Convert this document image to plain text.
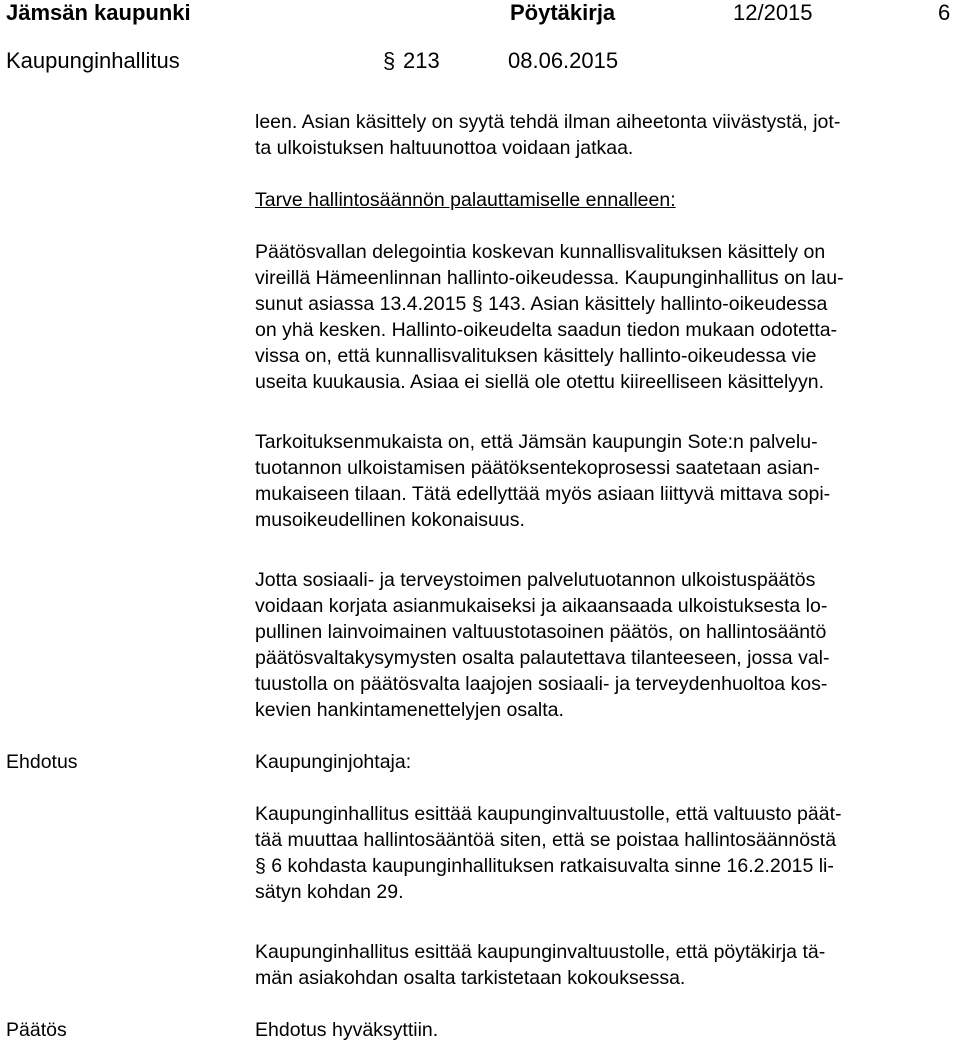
Jämsän kaupunki	Pöytäkirja	12/2015	6
Kaupunginhallitus	§ 213	08.06.2015
leen. Asian käsittely on syytä tehdä ilman aiheetonta viivästystä, jot-
ta ulkoistuksen haltuunottoa voidaan jatkaa.
Tarve hallintosäännön palauttamiselle ennalleen:
Päätösvallan delegointia koskevan kunnallisvalituksen käsittely on
vireillä Hämeenlinnan hallinto-oikeudessa. Kaupunginhallitus on lau-
sunut asiassa 13.4.2015 § 143. Asian käsittely hallinto-oikeudessa
on yhä kesken. Hallinto-oikeudelta saadun tiedon mukaan odotetta-
vissa on, että kunnallisvalituksen käsittely hallinto-oikeudessa vie
useita kuukausia. Asiaa ei siellä ole otettu kiireelliseen käsittelyyn.
Tarkoituksenmukaista on, että Jämsän kaupungin Sote:n palvelu-
tuotannon ulkoistamisen päätöksentekoprosessi saatetaan asian-
mukaiseen tilaan. Tätä edellyttää myös asiaan liittyvä mittava sopi-
musoikeudellinen kokonaisuus.
Jotta sosiaali- ja terveystoimen palvelutuotannon ulkoistuspäätös
voidaan korjata asianmukaiseksi ja aikaansaada ulkoistuksesta lo-
pullinen lainvoimainen valtuustotasoinen päätös, on hallintosääntö
päätösvaltakysymysten osalta palautettava tilanteeseen, jossa val-
tuustolla on päätösvalta laajojen sosiaali- ja terveydenhuoltoa kos-
kevien hankintamenettelyjen osalta.
Ehdotus	Kaupunginjohtaja:
Kaupunginhallitus esittää kaupunginvaltuustolle, että valtuusto päät-
tää muuttaa hallintosääntöä siten, että se poistaa hallintosäännöstä
§ 6 kohdasta kaupunginhallituksen ratkaisuvalta sinne 16.2.2015 li-
sätyn kohdan 29.
Kaupunginhallitus esittää kaupunginvaltuustolle, että pöytäkirja tä-
män asiakohdan osalta tarkistetaan kokouksessa.
Päätös	Ehdotus hyväksyttiin.
